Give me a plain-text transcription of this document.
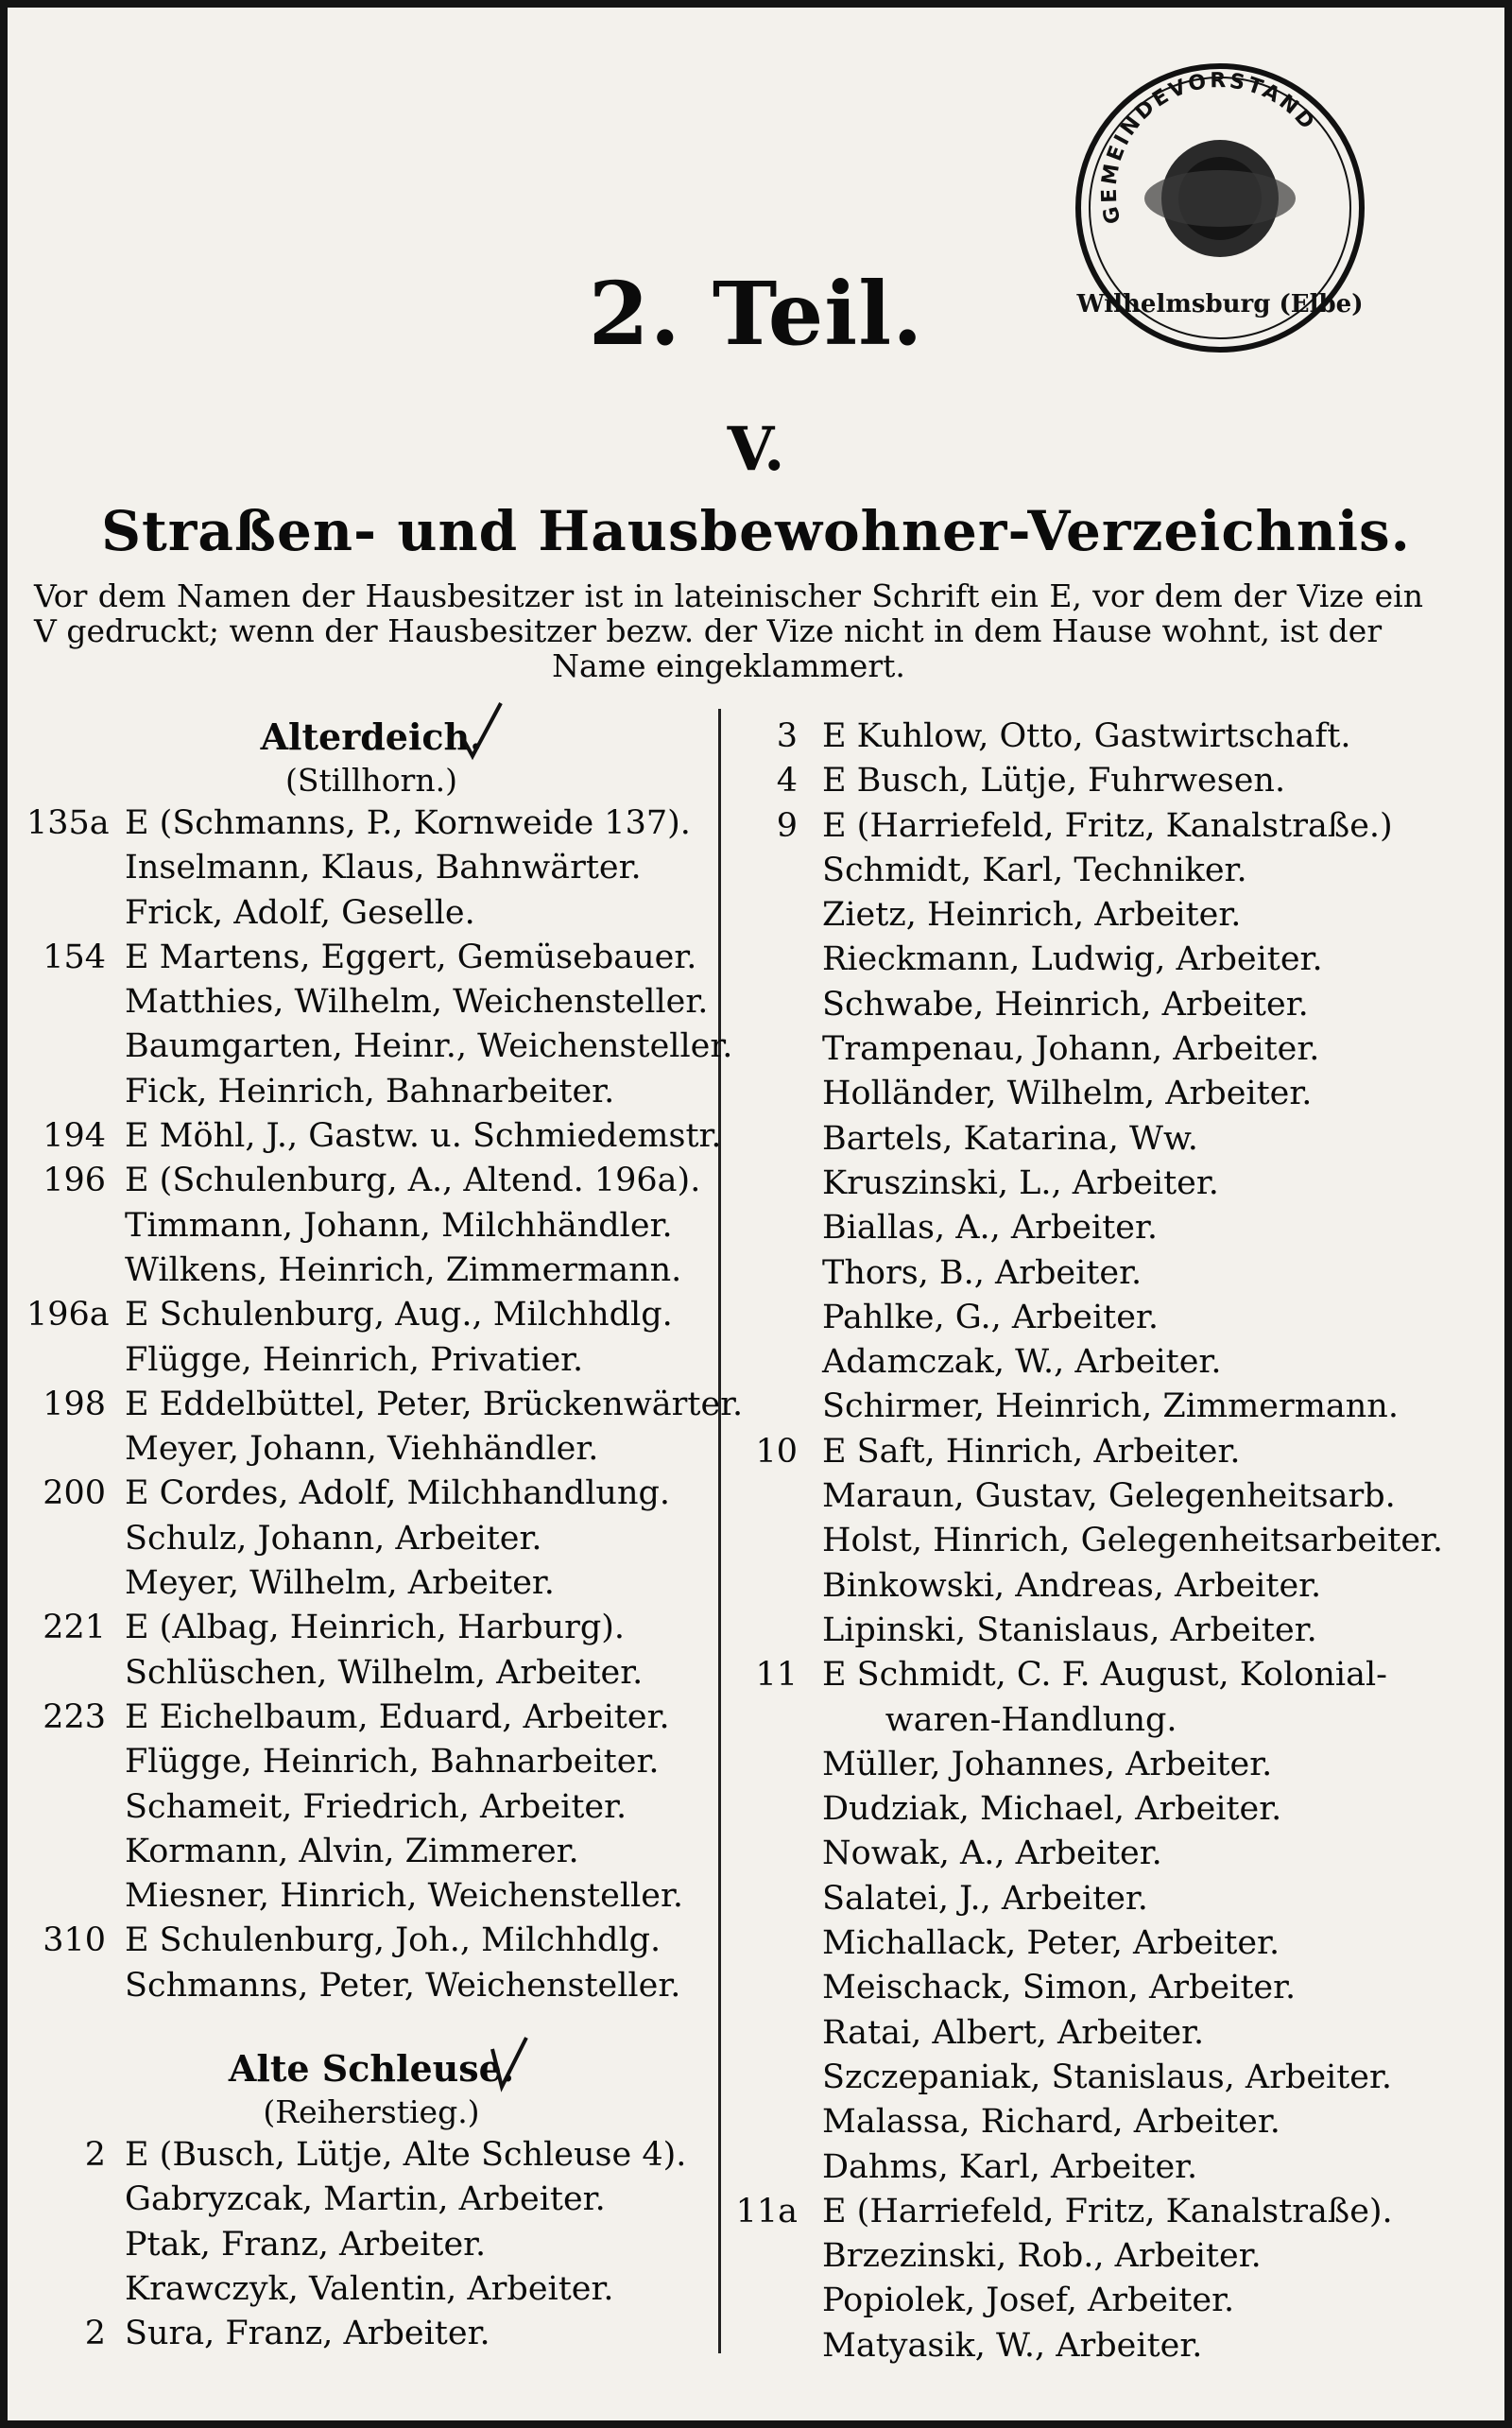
GEMEINDEVORSTAND
Wilhelmsburg (Elbe)
2. Teil.
V.
Straßen- und Hausbewohner-Verzeichnis.
Vor dem Namen der Hausbesitzer ist in lateinischer Schrift ein E, vor dem der Vize ein V gedruckt; wenn der Hausbesitzer bezw. der Vize nicht in dem Hause wohnt, ist der
Name eingeklammert.
Alterdeich.
(Stillhorn.)
135a E (Schmanns, P., Kornweide 137).
Inselmann, Klaus, Bahnwärter.
Frick, Adolf, Geselle.
154 E Martens, Eggert, Gemüsebauer.
Matthies, Wilhelm, Weichensteller.
Baumgarten, Heinr., Weichensteller.
Fick, Heinrich, Bahnarbeiter.
194 E Möhl, J., Gastw. u. Schmiedemstr.
196 E (Schulenburg, A., Altend. 196a).
Timmann, Johann, Milchhändler.
Wilkens, Heinrich, Zimmermann.
196a E Schulenburg, Aug., Milchhdlg.
Flügge, Heinrich, Privatier.
198 E Eddelbüttel, Peter, Brückenwärter.
Meyer, Johann, Viehhändler.
200 E Cordes, Adolf, Milchhandlung.
Schulz, Johann, Arbeiter.
Meyer, Wilhelm, Arbeiter.
221 E (Albag, Heinrich, Harburg).
Schlüschen, Wilhelm, Arbeiter.
223 E Eichelbaum, Eduard, Arbeiter.
Flügge, Heinrich, Bahnarbeiter.
Schameit, Friedrich, Arbeiter.
Kormann, Alvin, Zimmerer.
Miesner, Hinrich, Weichensteller.
310 E Schulenburg, Joh., Milchhdlg.
Schmanns, Peter, Weichensteller.
Alte Schleuse.
(Reiherstieg.)
2 E (Busch, Lütje, Alte Schleuse 4).
Gabryzcak, Martin, Arbeiter.
Ptak, Franz, Arbeiter.
Krawczyk, Valentin, Arbeiter.
2 Sura, Franz, Arbeiter.
3 E Kuhlow, Otto, Gastwirtschaft.
4 E Busch, Lütje, Fuhrwesen.
9 E (Harriefeld, Fritz, Kanalstraße.)
Schmidt, Karl, Techniker.
Zietz, Heinrich, Arbeiter.
Rieckmann, Ludwig, Arbeiter.
Schwabe, Heinrich, Arbeiter.
Trampenau, Johann, Arbeiter.
Holländer, Wilhelm, Arbeiter.
Bartels, Katarina, Ww.
Kruszinski, L., Arbeiter.
Biallas, A., Arbeiter.
Thors, B., Arbeiter.
Pahlke, G., Arbeiter.
Adamczak, W., Arbeiter.
Schirmer, Heinrich, Zimmermann.
10 E Saft, Hinrich, Arbeiter.
Maraun, Gustav, Gelegenheitsarb.
Holst, Hinrich, Gelegenheitsarbeiter.
Binkowski, Andreas, Arbeiter.
Lipinski, Stanislaus, Arbeiter.
11 E Schmidt, C. F. August, Kolonial-
waren-Handlung.
Müller, Johannes, Arbeiter.
Dudziak, Michael, Arbeiter.
Nowak, A., Arbeiter.
Salatei, J., Arbeiter.
Michallack, Peter, Arbeiter.
Meischack, Simon, Arbeiter.
Ratai, Albert, Arbeiter.
Szczepaniak, Stanislaus, Arbeiter.
Malassa, Richard, Arbeiter.
Dahms, Karl, Arbeiter.
11a E (Harriefeld, Fritz, Kanalstraße).
Brzezinski, Rob., Arbeiter.
Popiolek, Josef, Arbeiter.
Matyasik, W., Arbeiter.
